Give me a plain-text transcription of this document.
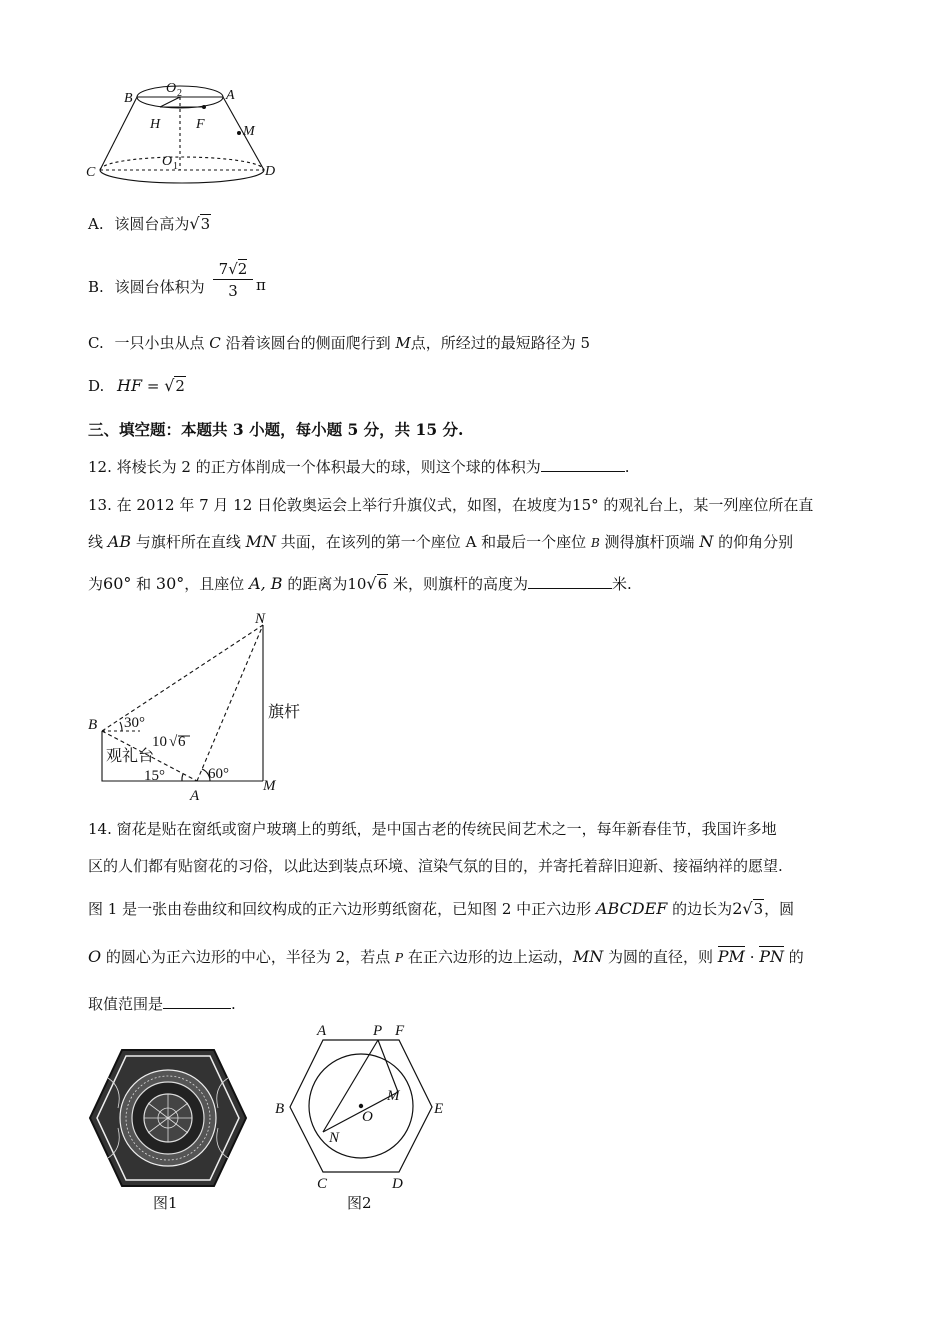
B
O 2	A
H	F	M
C
O 1	D
A. 该圆台高为√3
B. 该圆台体积为 $\frac{7√2}{3}$ π
C. 一只小虫从点 C 沿着该圆台的侧面爬行到 M点，所经过的最短路径为 5
D. HF = √2
三、填空题：本题共 3 小题，每小题 5 分，共 15 分.
12. 将棱长为 2 的正方体削成一个体积最大的球，则这个球的体积为	.
13. 在 2012 年 7 月 12 日伦敦奥运会上举行升旗仪式，如图，在坡度为15° 的观礼台上，某一列座位所在直
线 AB 与旗杆所在直线 MN 共面，在该列的第一个座位 A 和最后一个座位 B 测得旗杆顶端 N 的仰角分别
为60° 和 30°，且座位 A, B 的距离为10√6 米，则旗杆的高度为	米.
N
B 30°
10 √ 6
观礼台
15°	60°
A
M
旗杆
14. 窗花是贴在窗纸或窗户玻璃上的剪纸，是中国古老的传统民间艺术之一，每年新春佳节，我国许多地
区的人们都有贴窗花的习俗，以此达到装点环境、渲染气氛的目的，并寄托着辞旧迎新、接福纳祥的愿望.
图 1 是一张由卷曲纹和回纹构成的正六边形剪纸窗花，已知图 2 中正六边形 ABCDEF 的边长为2√3，圆
O 的圆心为正六边形的中心，半径为 2，若点 P 在正六边形的边上运动，MN 为圆的直径，则 PM · PN 的
取值范围是	.
图1
A	P F
B
M
O	E
N
C	D
图2
